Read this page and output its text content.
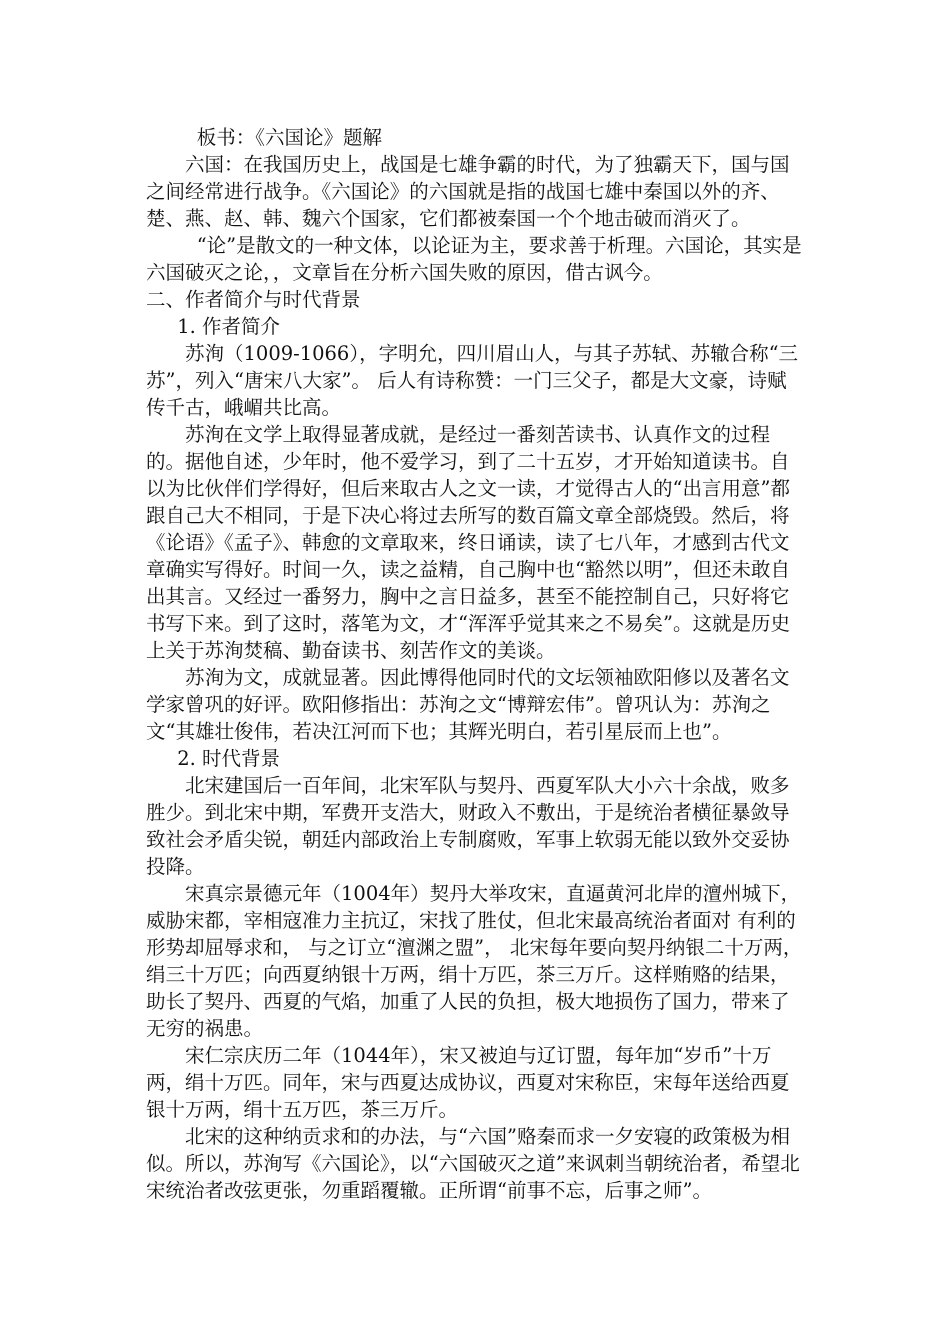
板书：《六国论》题解

六国：在我国历史上，战国是七雄争霸的时代，为了独霸天下，国与国之间经常进行战争。《六国论》的六国就是指的战国七雄中秦国以外的齐、楚、燕、赵、韩、魏六个国家，它们都被秦国一个个地击破而消灭了。

“论”是散文的一种文体，以论证为主，要求善于析理。六国论，其实是六国破灭之论，，文章旨在分析六国失败的原因，借古讽今。

二、作者简介与时代背景

1. 作者简介

苏洵（1009-1066），字明允，四川眉山人，与其子苏轼、苏辙合称“三苏”，列入“唐宋八大家”。 后人有诗称赞：一门三父子，都是大文豪，诗赋传千古，峨嵋共比高。

苏洵在文学上取得显著成就，是经过一番刻苦读书、认真作文的过程的。据他自述，少年时，他不爱学习，到了二十五岁，才开始知道读书。自以为比伙伴们学得好，但后来取古人之文一读，才觉得古人的“出言用意”都跟自己大不相同，于是下决心将过去所写的数百篇文章全部烧毁。然后，将《论语》《孟子》、韩愈的文章取来，终日诵读，读了七八年，才感到古代文章确实写得好。时间一久，读之益精，自己胸中也“豁然以明”，但还未敢自出其言。又经过一番努力，胸中之言日益多，甚至不能控制自己，只好将它书写下来。到了这时，落笔为文，才“浑浑乎觉其来之不易矣”。这就是历史上关于苏洵焚稿、勤奋读书、刻苦作文的美谈。

苏洵为文，成就显著。因此博得他同时代的文坛领袖欧阳修以及著名文学家曾巩的好评。欧阳修指出：苏洵之文“博辩宏伟”。曾巩认为：苏洵之文“其雄壮俊伟，若决江河而下也；其辉光明白，若引星辰而上也”。

2. 时代背景

北宋建国后一百年间，北宋军队与契丹、西夏军队大小六十余战，败多胜少。到北宋中期，军费开支浩大，财政入不敷出，于是统治者横征暴敛导致社会矛盾尖锐，朝廷内部政治上专制腐败，军事上软弱无能以致外交妥协投降。

宋真宗景德元年（1004年）契丹大举攻宋，直逼黄河北岸的澶州城下，威胁宋都，宰相寇准力主抗辽，宋找了胜仗，但北宋最高统治者面对 有利的形势却屈辱求和， 与之订立“澶渊之盟”， 北宋每年要向契丹纳银二十万两，绢三十万匹；向西夏纳银十万两，绢十万匹，茶三万斤。这样贿赂的结果，助长了契丹、西夏的气焰，加重了人民的负担，极大地损伤了国力，带来了无穷的祸患。

宋仁宗庆历二年（1044年），宋又被迫与辽订盟，每年加“岁币”十万两，绢十万匹。同年，宋与西夏达成协议，西夏对宋称臣，宋每年送给西夏银十万两，绢十五万匹，茶三万斤。

北宋的这种纳贡求和的办法，与“六国”赂秦而求一夕安寝的政策极为相似。所以，苏洵写《六国论》，以“六国破灭之道”来讽刺当朝统治者，希望北宋统治者改弦更张，勿重蹈覆辙。正所谓“前事不忘，后事之师”。
